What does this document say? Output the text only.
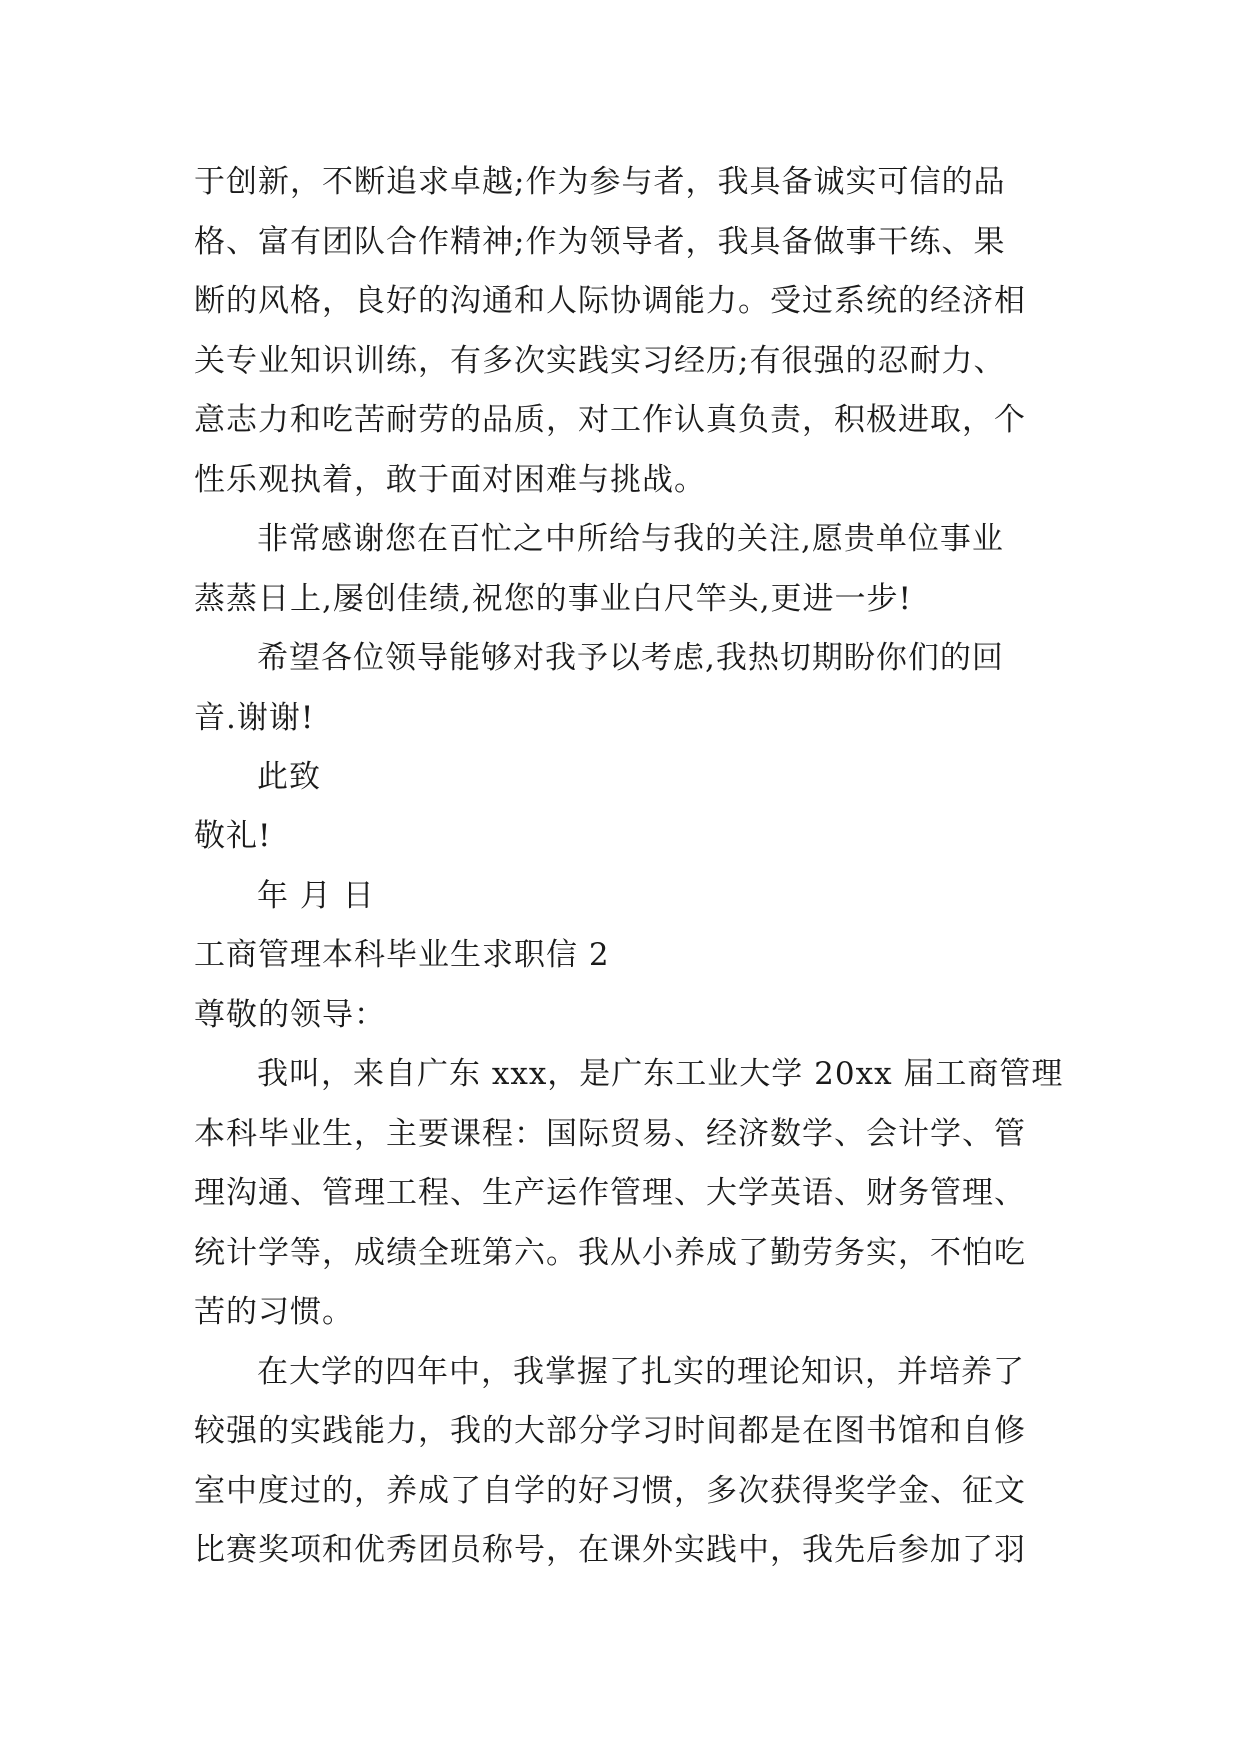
于创新，不断追求卓越;作为参与者，我具备诚实可信的品
格、富有团队合作精神;作为领导者，我具备做事干练、果
断的风格，良好的沟通和人际协调能力。受过系统的经济相
关专业知识训练，有多次实践实习经历;有很强的忍耐力、
意志力和吃苦耐劳的品质，对工作认真负责，积极进取，个
性乐观执着，敢于面对困难与挑战。
非常感谢您在百忙之中所给与我的关注,愿贵单位事业
蒸蒸日上,屡创佳绩,祝您的事业白尺竿头,更进一步!
希望各位领导能够对我予以考虑,我热切期盼你们的回
音.谢谢!
此致
敬礼!
年 月 日
工商管理本科毕业生求职信 2
尊敬的领导：
我叫，来自广东 xxx，是广东工业大学 20xx 届工商管理
本科毕业生，主要课程：国际贸易、经济数学、会计学、管
理沟通、管理工程、生产运作管理、大学英语、财务管理、
统计学等，成绩全班第六。我从小养成了勤劳务实，不怕吃
苦的习惯。
在大学的四年中，我掌握了扎实的理论知识，并培养了
较强的实践能力，我的大部分学习时间都是在图书馆和自修
室中度过的，养成了自学的好习惯，多次获得奖学金、征文
比赛奖项和优秀团员称号，在课外实践中，我先后参加了羽
